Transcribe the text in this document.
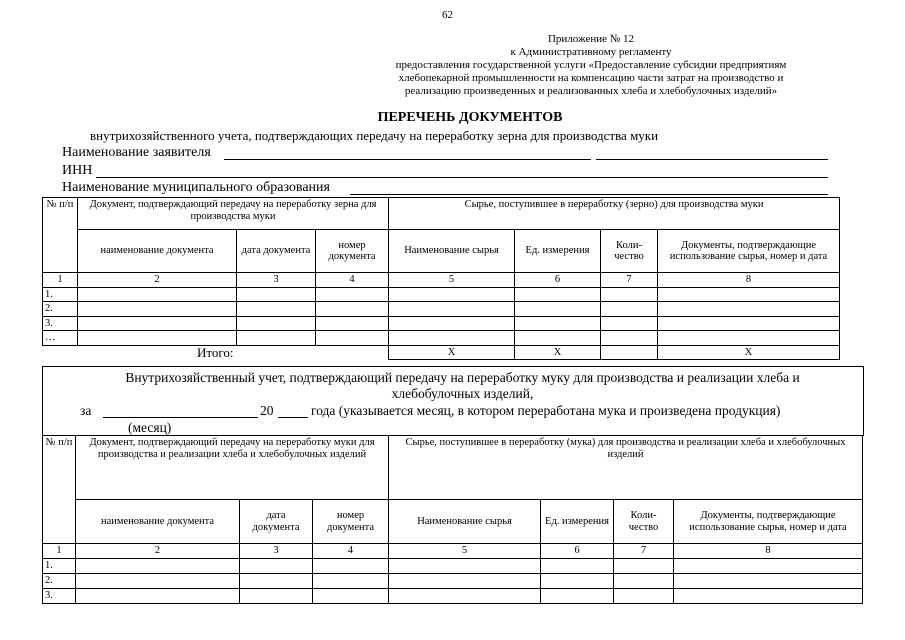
62
Приложение № 12
к Административному регламенту
предоставления государственной услуги «Предоставление субсидии предприятиям
хлебопекарной промышленности на компенсацию части затрат на производство и
реализацию произведенных и реализованных хлеба и хлебобулочных изделий»
ПЕРЕЧЕНЬ ДОКУМЕНТОВ
внутрихозяйственного учета, подтверждающих передачу на переработку зерна для производства муки
Наименование заявителя
ИНН
Наименование муниципального образования
№ п/п	Документ, подтверждающий передачу на переработку зерна для производства муки			Сырье, поступившее в переработку (зерно) для производства муки			
	наименование документа	дата документа	номер документа	Наименование сырья	Ед. измерения	Коли-чество	Документы, подтверждающие использование сырья, номер и дата
1	2	3	4	5	6	7	8
1.							
2.							
3.							
…							
Итого:				Х	Х		Х
Внутрихозяйственный учет, подтверждающий передачу на переработку муку для производства и реализации хлеба и
хлебобулочных изделий,
за	20	года (указывается месяц, в котором переработана мука и произведена продукция)
(месяц)
№ п/п	Документ, подтверждающий передачу на переработку муки для производства и реализации хлеба и хлебобулочных изделий			Сырье, поступившее в переработку (мука) для производства и реализации хлеба и хлебобулочных изделий			
	наименование документа	дата документа	номер документа	Наименование сырья	Ед. измерения	Коли-чество	Документы, подтверждающие использование сырья, номер и дата
1	2	3	4	5	6	7	8
1.							
2.							
3.							
